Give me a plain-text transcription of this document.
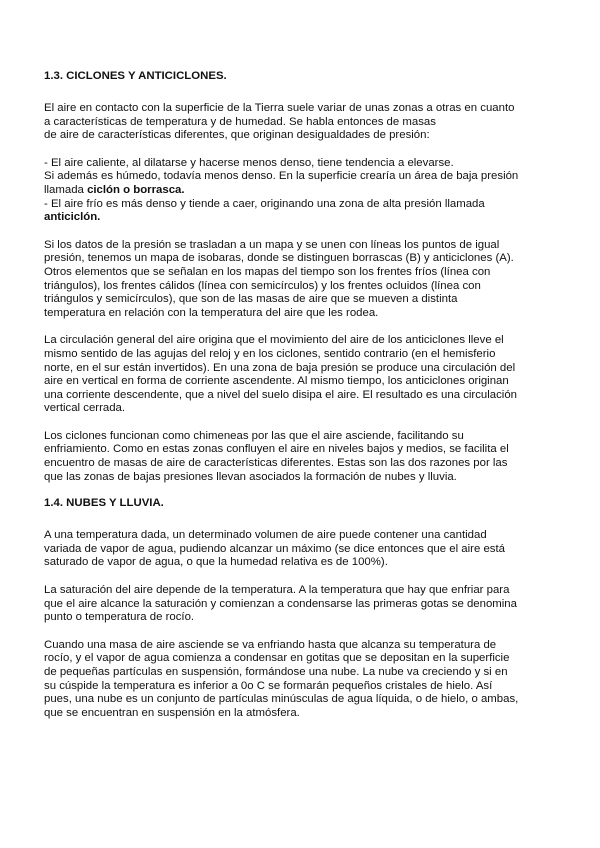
1.3. CICLONES Y ANTICICLONES.

El aire en contacto con la superficie de la Tierra suele variar de unas zonas a otras en cuanto
a características de temperatura y de humedad. Se habla entonces de masas
de aire de características diferentes, que originan desigualdades de presión:

- El aire caliente, al dilatarse y hacerse menos denso, tiene tendencia a elevarse.
Si además es húmedo, todavía menos denso. En la superficie crearía un área de baja presión
llamada ciclón o borrasca.

- El aire frío es más denso y tiende a caer, originando una zona de alta presión llamada
anticiclón.

Si los datos de la presión se trasladan a un mapa y se unen con líneas los puntos de igual
presión, tenemos un mapa de isobaras, donde se distinguen borrascas (B) y anticiclones (A).
Otros elementos que se señalan en los mapas del tiempo son los frentes fríos (línea con
triángulos), los frentes cálidos (línea con semicírculos) y los frentes ocluidos (línea con
triángulos y semicírculos), que son de las masas de aire que se mueven a distinta
temperatura en relación con la temperatura del aire que les rodea.

La circulación general del aire origina que el movimiento del aire de los anticiclones lleve el
mismo sentido de las agujas del reloj y en los ciclones, sentido contrario (en el hemisferio
norte, en el sur están invertidos). En una zona de baja presión se produce una circulación del
aire en vertical en forma de corriente ascendente. Al mismo tiempo, los anticiclones originan
una corriente descendente, que a nivel del suelo disipa el aire. El resultado es una circulación
vertical cerrada.

Los ciclones funcionan como chimeneas por las que el aire asciende, facilitando su
enfriamiento. Como en estas zonas confluyen el aire en niveles bajos y medios, se facilita el
encuentro de masas de aire de características diferentes. Estas son las dos razones por las
que las zonas de bajas presiones llevan asociados la formación de nubes y lluvia.

1.4. NUBES Y LLUVIA.

A una temperatura dada, un determinado volumen de aire puede contener una cantidad
variada de vapor de agua, pudiendo alcanzar un máximo (se dice entonces que el aire está
saturado de vapor de agua, o que la humedad relativa es de 100%).

La saturación del aire depende de la temperatura. A la temperatura que hay que enfriar para
que el aire alcance la saturación y comienzan a condensarse las primeras gotas se denomina
punto o temperatura de rocío.

Cuando una masa de aire asciende se va enfriando hasta que alcanza su temperatura de
rocío, y el vapor de agua comienza a condensar en gotitas que se depositan en la superficie
de pequeñas partículas en suspensión, formándose una nube. La nube va creciendo y si en
su cúspide la temperatura es inferior a 0o C se formarán pequeños cristales de hielo. Así
pues, una nube es un conjunto de partículas minúsculas de agua líquida, o de hielo, o ambas,
que se encuentran en suspensión en la atmósfera.
